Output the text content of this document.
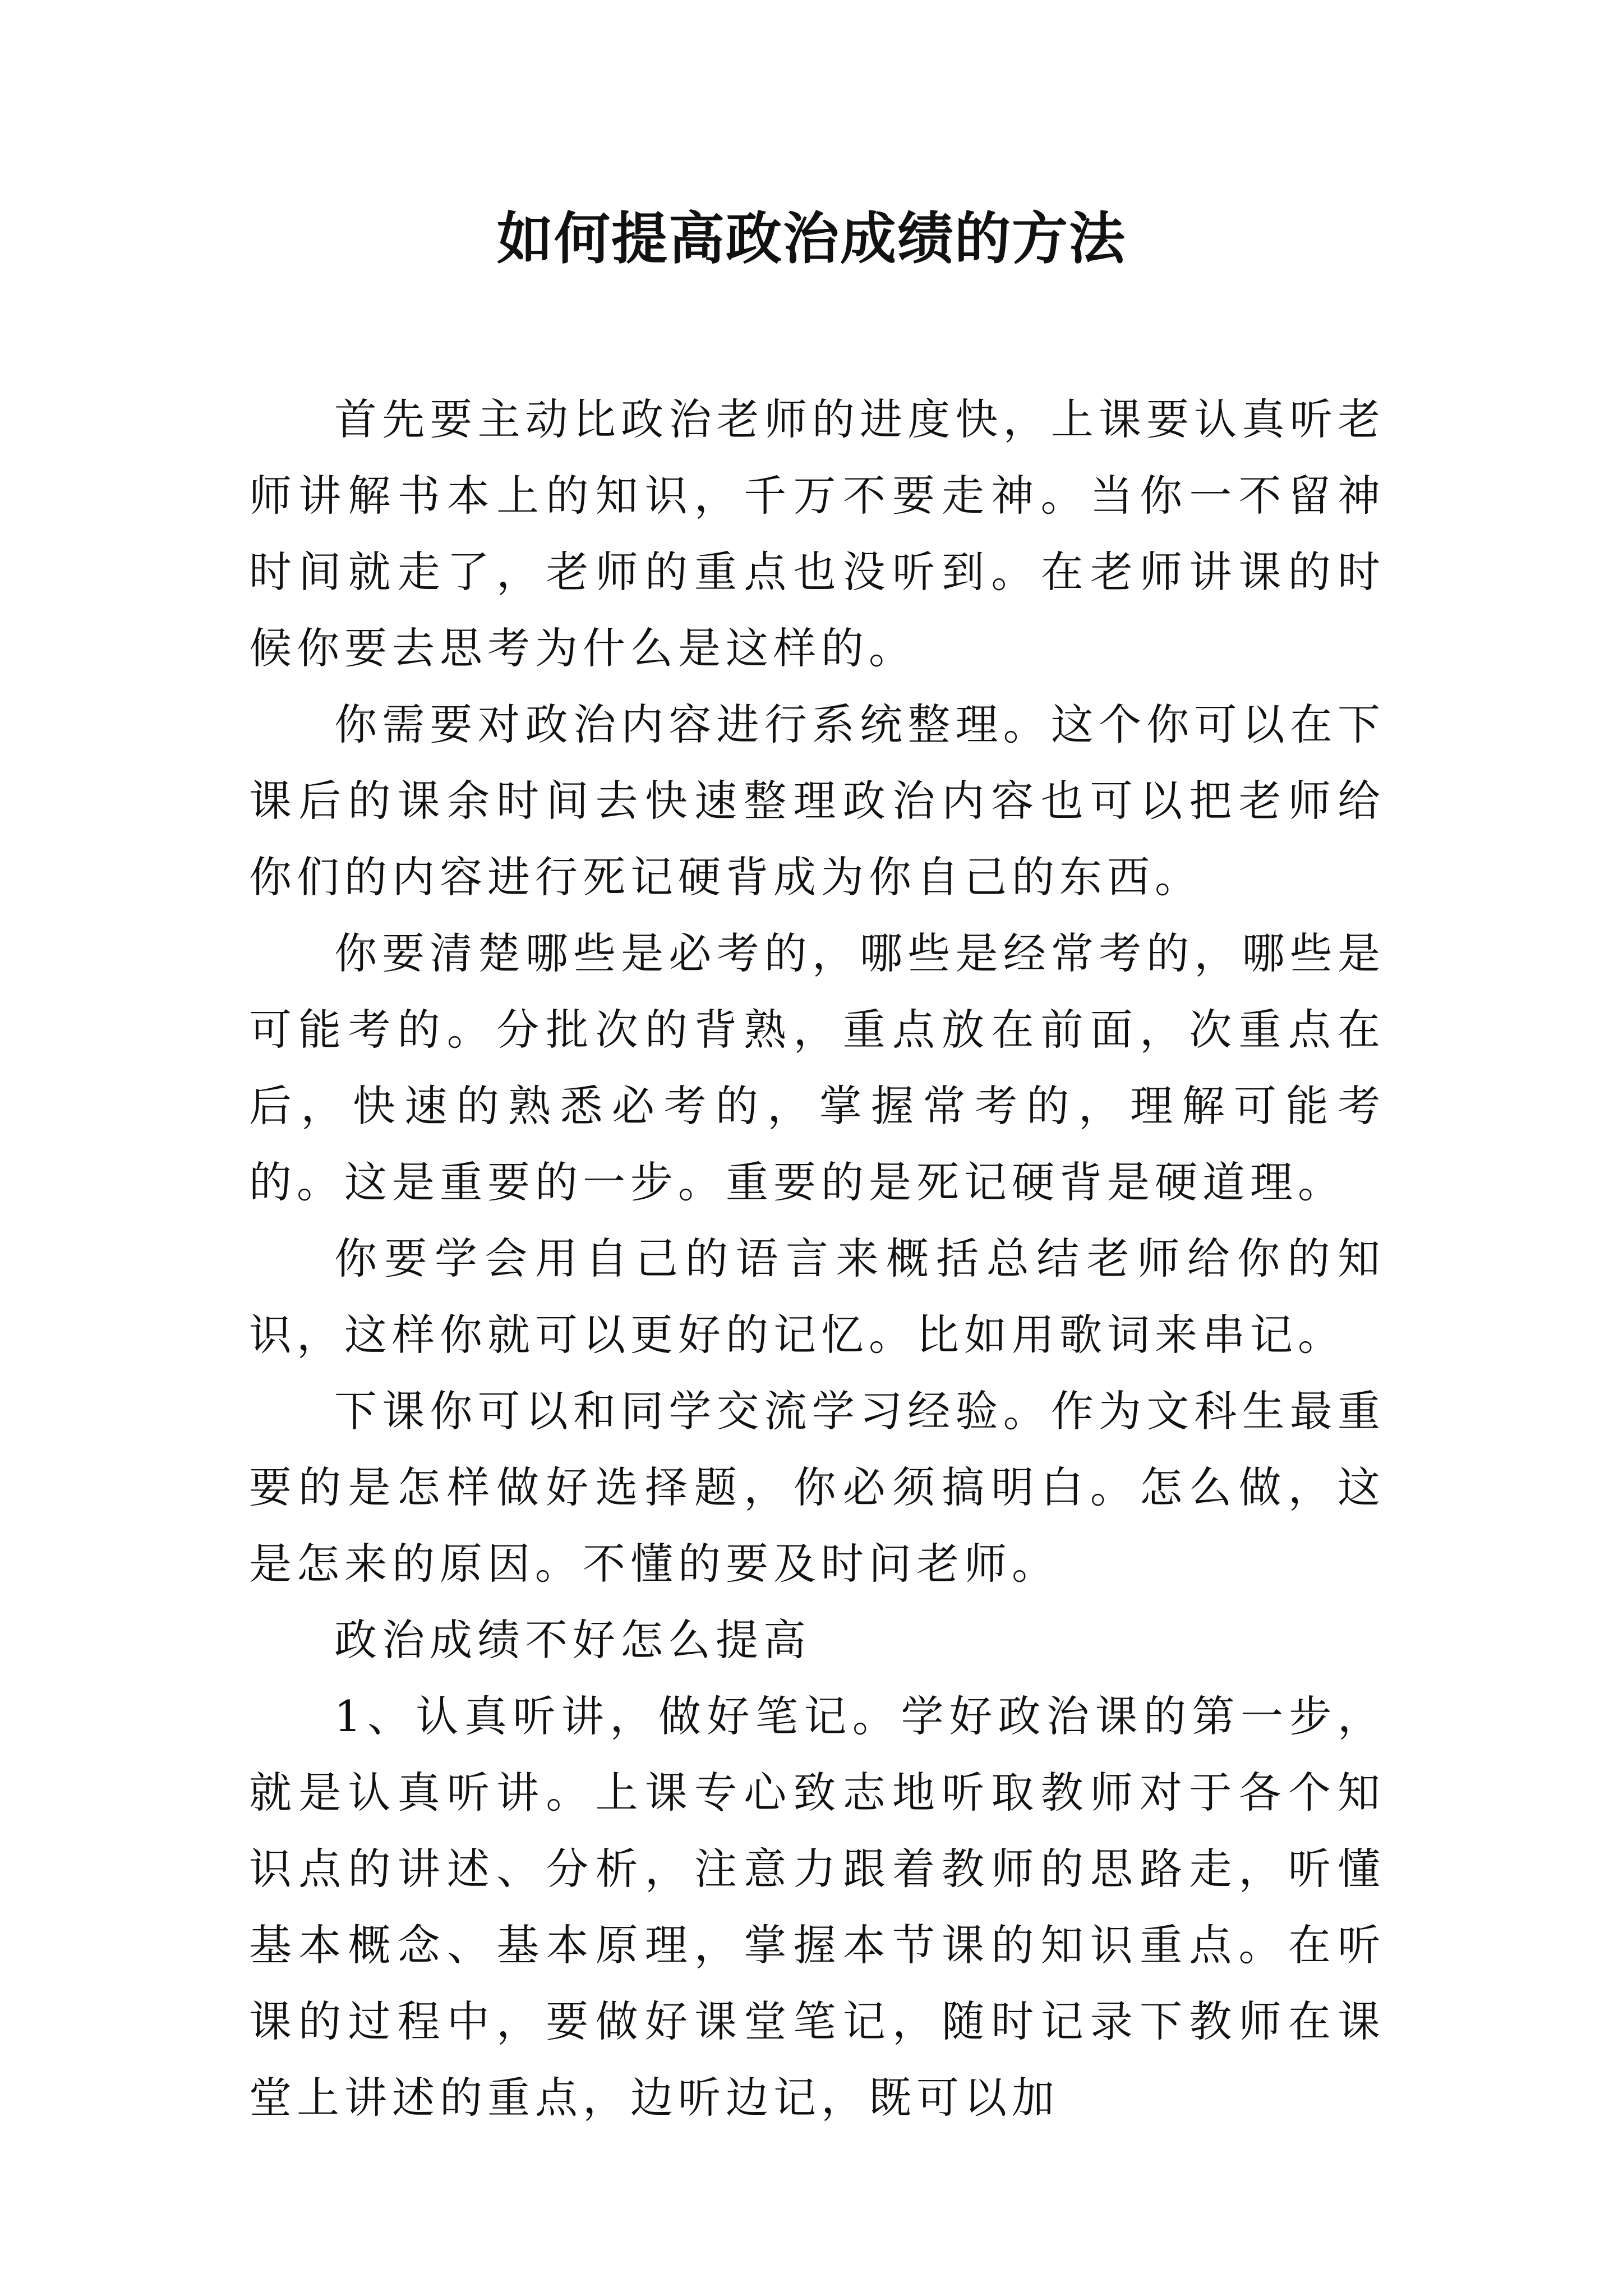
如何提高政治成绩的方法

首先要主动比政治老师的进度快，上课要认真听老师讲解书本上的知识，千万不要走神。当你一不留神时间就走了，老师的重点也没听到。在老师讲课的时候你要去思考为什么是这样的。

你需要对政治内容进行系统整理。这个你可以在下课后的课余时间去快速整理政治内容也可以把老师给你们的内容进行死记硬背成为你自己的东西。

你要清楚哪些是必考的，哪些是经常考的，哪些是可能考的。分批次的背熟，重点放在前面，次重点在后，快速的熟悉必考的，掌握常考的，理解可能考的。这是重要的一步。重要的是死记硬背是硬道理。

你要学会用自己的语言来概括总结老师给你的知识，这样你就可以更好的记忆。比如用歌词来串记。

下课你可以和同学交流学习经验。作为文科生最重要的是怎样做好选择题，你必须搞明白。怎么做，这是怎来的原因。不懂的要及时问老师。

政治成绩不好怎么提高

1、认真听讲，做好笔记。学好政治课的第一步，就是认真听讲。上课专心致志地听取教师对于各个知识点的讲述、分析，注意力跟着教师的思路走，听懂基本概念、基本原理，掌握本节课的知识重点。在听课的过程中，要做好课堂笔记，随时记录下教师在课堂上讲述的重点，边听边记，既可以加
